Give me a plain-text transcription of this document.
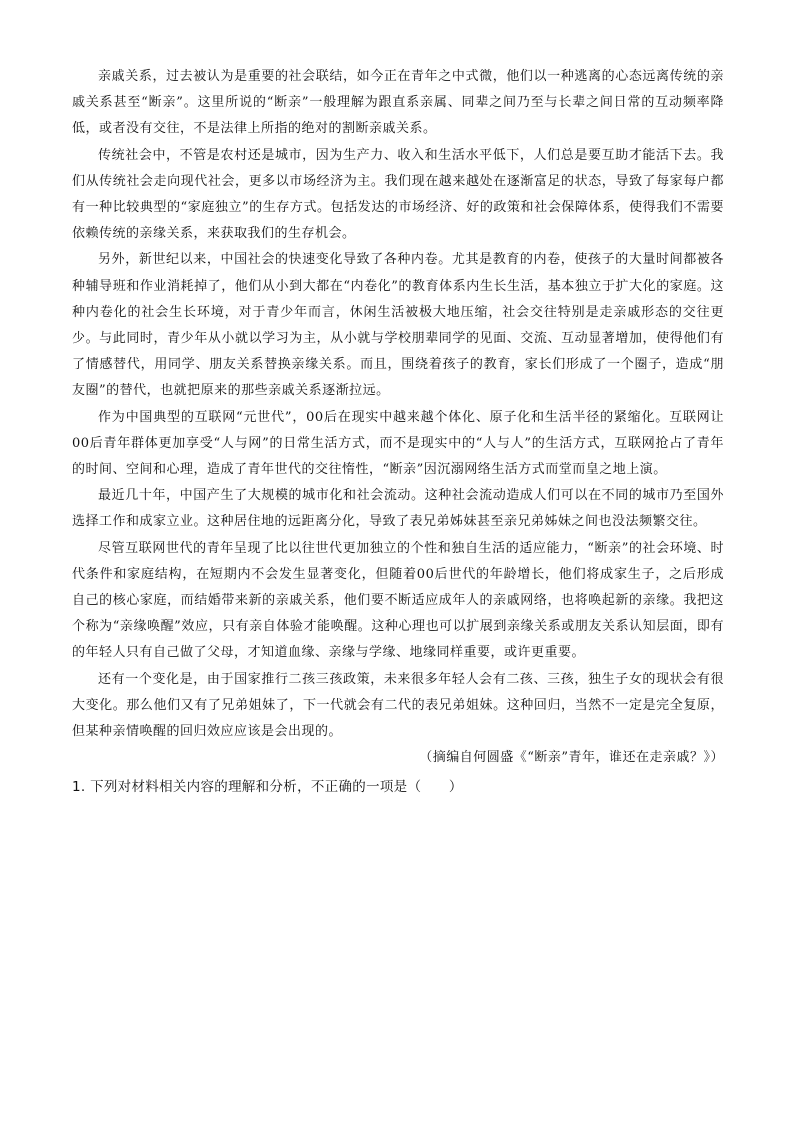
亲戚关系，过去被认为是重要的社会联结，如今正在青年之中式微，他们以一种逃离的心态远离传统的亲戚关系甚至“断亲”。这里所说的“断亲”一般理解为跟直系亲属、同辈之间乃至与长辈之间日常的互动频率降低，或者没有交往，不是法律上所指的绝对的割断亲戚关系。

传统社会中，不管是农村还是城市，因为生产力、收入和生活水平低下，人们总是要互助才能活下去。我们从传统社会走向现代社会，更多以市场经济为主。我们现在越来越处在逐渐富足的状态，导致了每家每户都有一种比较典型的“家庭独立”的生存方式。包括发达的市场经济、好的政策和社会保障体系，使得我们不需要依赖传统的亲缘关系，来获取我们的生存机会。

另外，新世纪以来，中国社会的快速变化导致了各种内卷。尤其是教育的内卷，使孩子的大量时间都被各种辅导班和作业消耗掉了，他们从小到大都在“内卷化”的教育体系内生长生活，基本独立于扩大化的家庭。这种内卷化的社会生长环境，对于青少年而言，休闲生活被极大地压缩，社会交往特别是走亲戚形态的交往更少。与此同时，青少年从小就以学习为主，从小就与学校朋辈同学的见面、交流、互动显著增加，使得他们有了情感替代，用同学、朋友关系替换亲缘关系。而且，围绕着孩子的教育，家长们形成了一个圈子，造成“朋友圈”的替代，也就把原来的那些亲戚关系逐渐拉远。

作为中国典型的互联网“元世代”，00后在现实中越来越个体化、原子化和生活半径的紧缩化。互联网让00后青年群体更加享受“人与网”的日常生活方式，而不是现实中的“人与人”的生活方式，互联网抢占了青年的时间、空间和心理，造成了青年世代的交往惰性，“断亲”因沉溺网络生活方式而堂而皇之地上演。

最近几十年，中国产生了大规模的城市化和社会流动。这种社会流动造成人们可以在不同的城市乃至国外选择工作和成家立业。这种居住地的远距离分化，导致了表兄弟姊妹甚至亲兄弟姊妹之间也没法频繁交往。

尽管互联网世代的青年呈现了比以往世代更加独立的个性和独自生活的适应能力，“断亲”的社会环境、时代条件和家庭结构，在短期内不会发生显著变化，但随着00后世代的年龄增长，他们将成家生子，之后形成自己的核心家庭，而结婚带来新的亲戚关系，他们要不断适应成年人的亲戚网络，也将唤起新的亲缘。我把这个称为“亲缘唤醒”效应，只有亲自体验才能唤醒。这种心理也可以扩展到亲缘关系或朋友关系认知层面，即有的年轻人只有自己做了父母，才知道血缘、亲缘与学缘、地缘同样重要，或许更重要。

还有一个变化是，由于国家推行二孩三孩政策，未来很多年轻人会有二孩、三孩，独生子女的现状会有很大变化。那么他们又有了兄弟姐妹了，下一代就会有二代的表兄弟姐妹。这种回归，当然不一定是完全复原，但某种亲情唤醒的回归效应应该是会出现的。

（摘编自何圆盛《“断亲”青年，谁还在走亲戚？》）

1. 下列对材料相关内容的理解和分析，不正确的一项是（　　）
